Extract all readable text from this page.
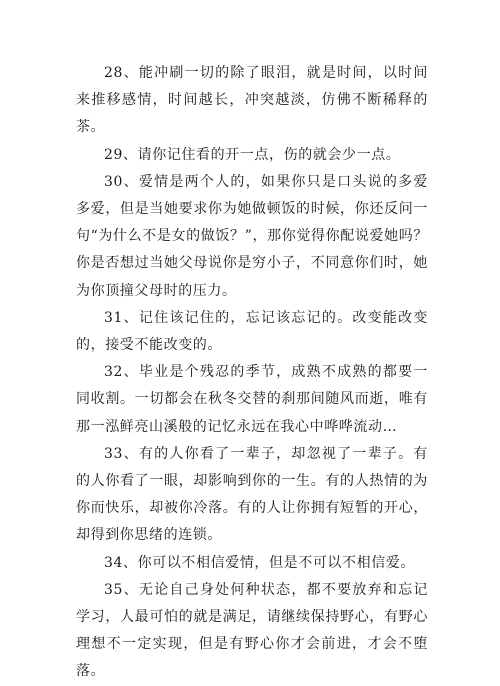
28、能冲刷一切的除了眼泪，就是时间，以时间来推移感情，时间越长，冲突越淡，仿佛不断稀释的茶。

29、请你记住看的开一点，伤的就会少一点。

30、爱情是两个人的，如果你只是口头说的多爱多爱，但是当她要求你为她做顿饭的时候，你还反问一句“为什么不是女的做饭？”，那你觉得你配说爱她吗？你是否想过当她父母说你是穷小子，不同意你们时，她为你顶撞父母时的压力。

31、记住该记住的，忘记该忘记的。改变能改变的，接受不能改变的。

32、毕业是个残忍的季节，成熟不成熟的都要一同收割。一切都会在秋冬交替的刹那间随风而逝，唯有那一泓鲜亮山溪般的记忆永远在我心中哗哗流动…

33、有的人你看了一辈子，却忽视了一辈子。有的人你看了一眼，却影响到你的一生。有的人热情的为你而快乐，却被你冷落。有的人让你拥有短暂的开心，却得到你思绪的连锁。

34、你可以不相信爱情，但是不可以不相信爱。

35、无论自己身处何种状态，都不要放弃和忘记学习，人最可怕的就是满足，请继续保持野心，有野心理想不一定实现，但是有野心你才会前进，才会不堕落。
